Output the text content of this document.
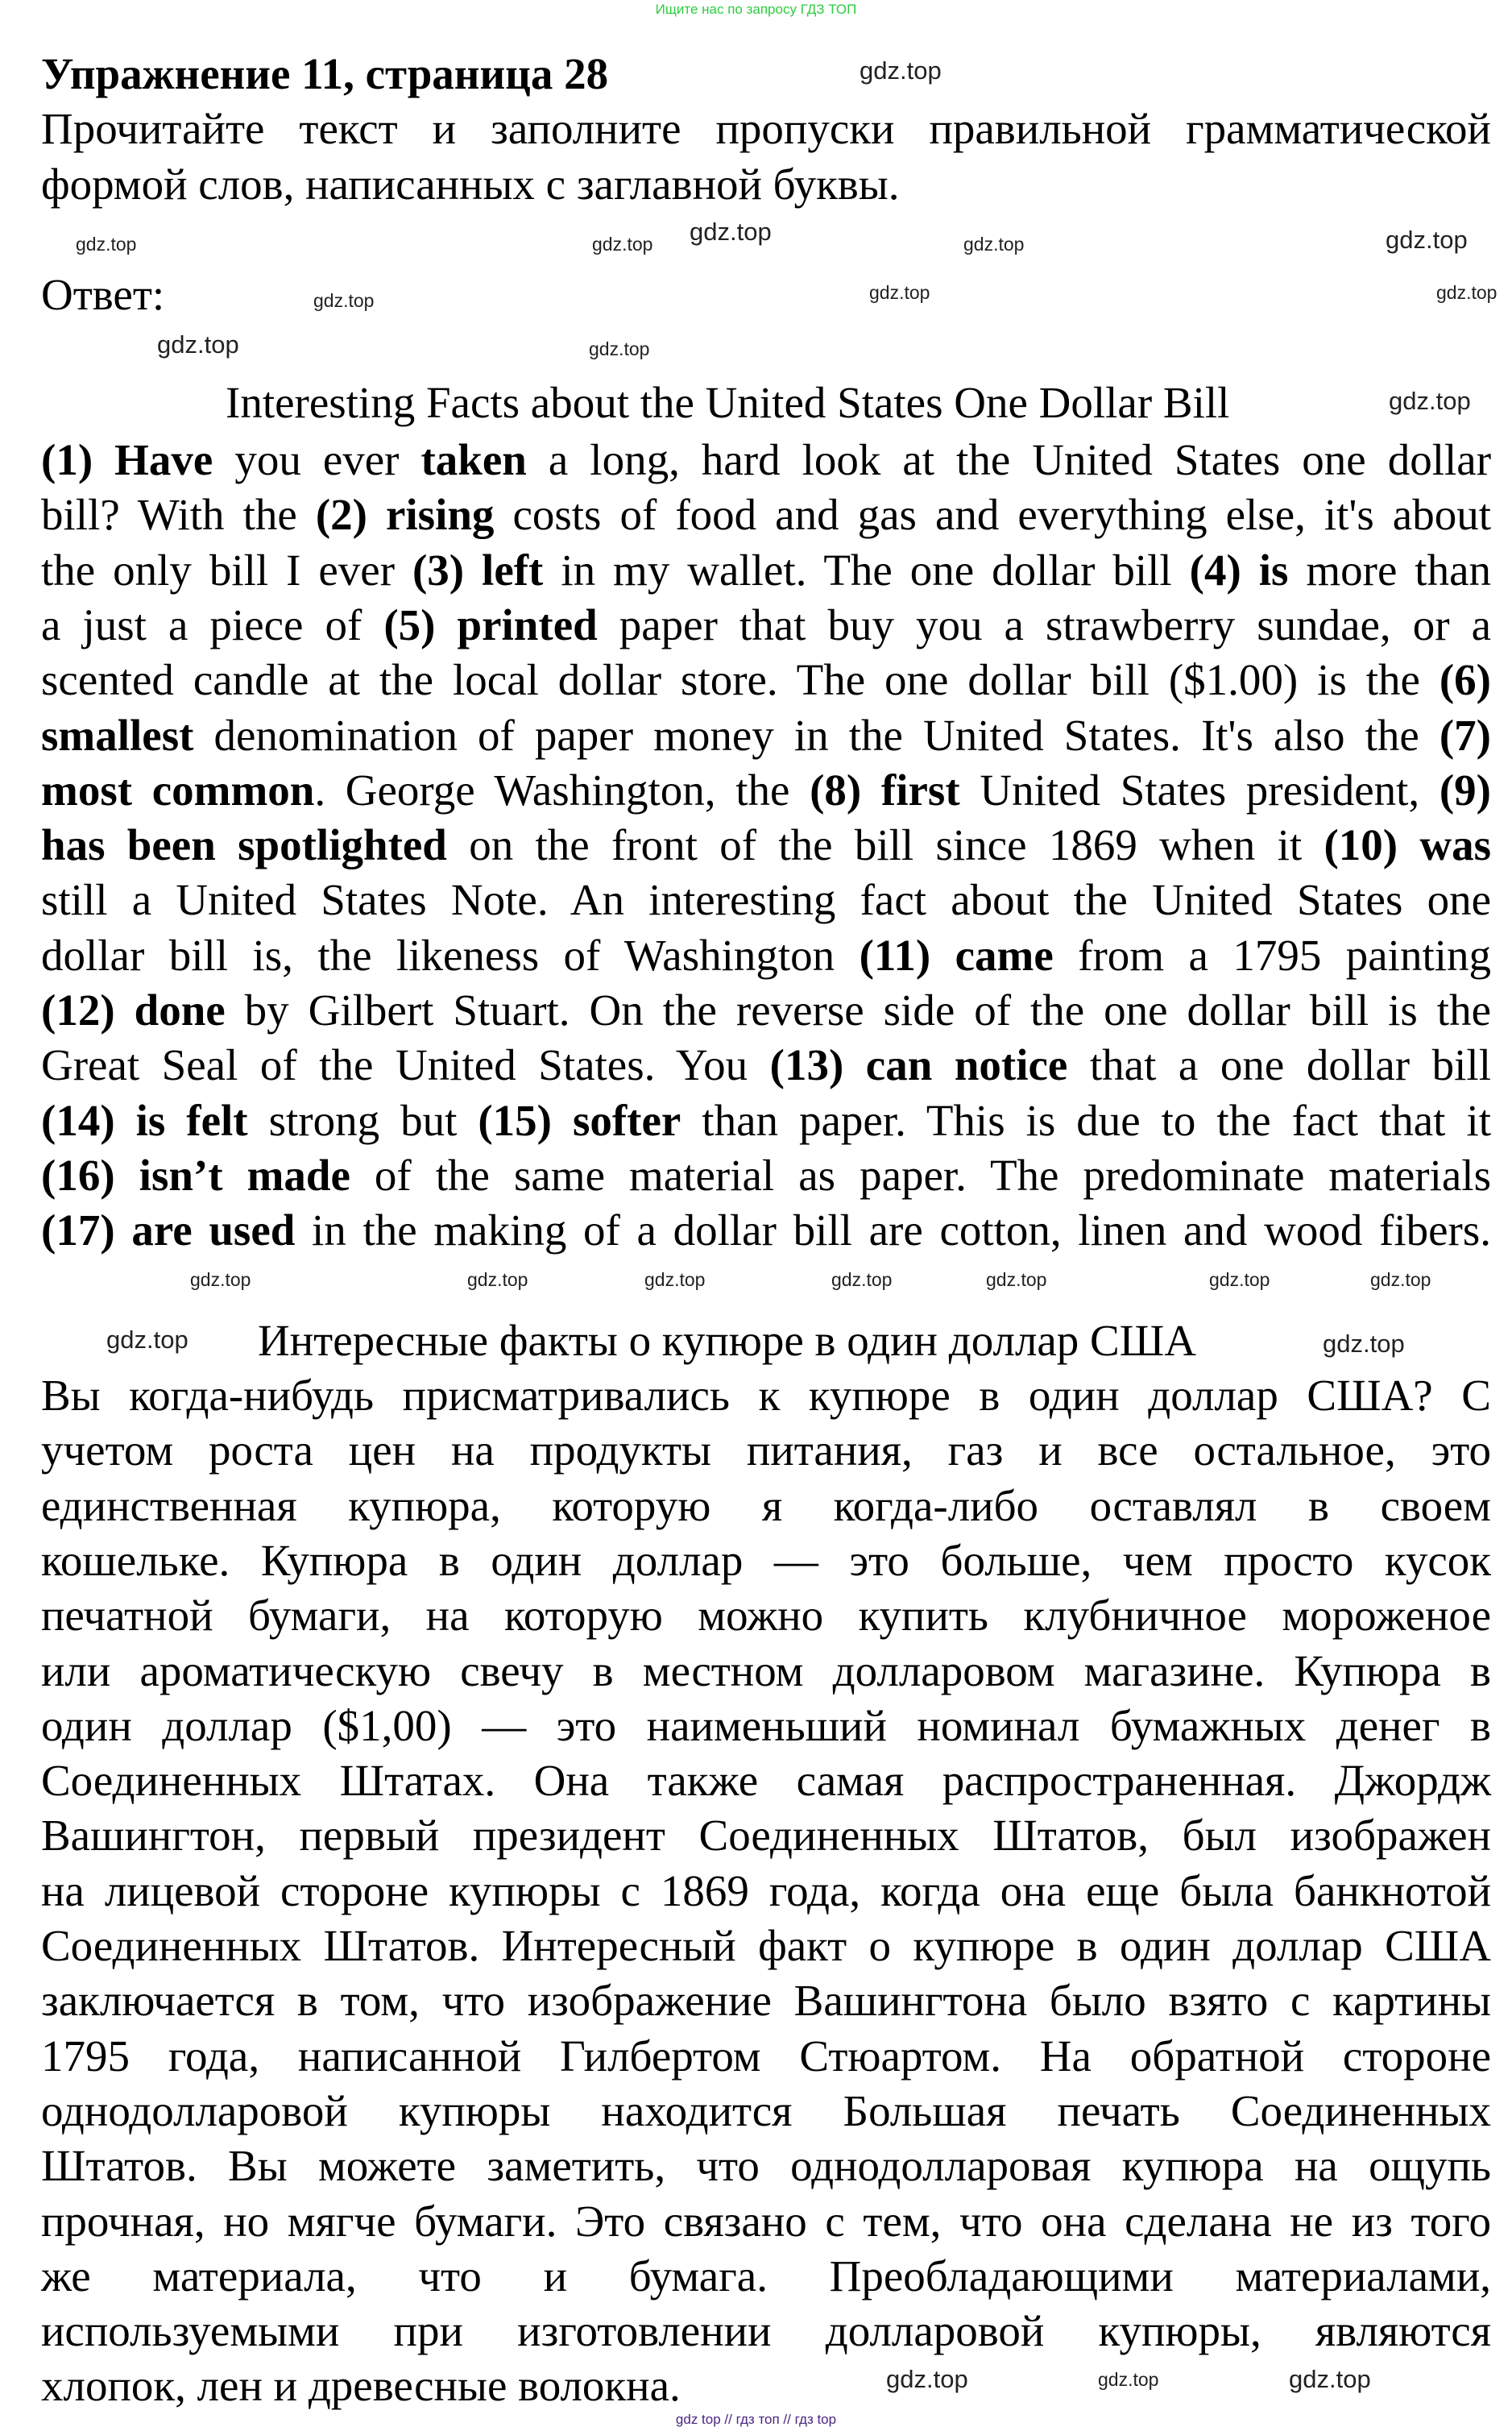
Ищите нас по запросу ГДЗ ТОП
Упражнение 11, страница 28
Прочитайте текст и заполните пропуски правильной грамматической
формой слов, написанных с заглавной буквы.
Ответ:
Interesting Facts about the United States One Dollar Bill
(1) Have you ever taken a long, hard look at the United States one dollar
bill? With the (2) rising costs of food and gas and everything else, it's about
the only bill I ever (3) left in my wallet. The one dollar bill (4) is more than
a just a piece of (5) printed paper that buy you a strawberry sundae, or a
scented candle at the local dollar store. The one dollar bill ($1.00) is the (6)
smallest denomination of paper money in the United States. It's also the (7)
most common. George Washington, the (8) first United States president, (9)
has been spotlighted on the front of the bill since 1869 when it (10) was
still a United States Note. An interesting fact about the United States one
dollar bill is, the likeness of Washington (11) came from a 1795 painting
(12) done by Gilbert Stuart. On the reverse side of the one dollar bill is the
Great Seal of the United States. You (13) can notice that a one dollar bill
(14) is felt strong but (15) softer than paper. This is due to the fact that it
(16) isn’t made of the same material as paper. The predominate materials
(17) are used in the making of a dollar bill are cotton, linen and wood fibers.
Интересные факты о купюре в один доллар США
Вы когда-нибудь присматривались к купюре в один доллар США? С
учетом роста цен на продукты питания, газ и все остальное, это
единственная купюра, которую я когда-либо оставлял в своем
кошельке. Купюра в один доллар — это больше, чем просто кусок
печатной бумаги, на которую можно купить клубничное мороженое
или ароматическую свечу в местном долларовом магазине. Купюра в
один доллар ($1,00) — это наименьший номинал бумажных денег в
Соединенных Штатах. Она также самая распространенная. Джордж
Вашингтон, первый президент Соединенных Штатов, был изображен
на лицевой стороне купюры с 1869 года, когда она еще была банкнотой
Соединенных Штатов. Интересный факт о купюре в один доллар США
заключается в том, что изображение Вашингтона было взято с картины
1795 года, написанной Гилбертом Стюартом. На обратной стороне
однодолларовой купюры находится Большая печать Соединенных
Штатов. Вы можете заметить, что однодолларовая купюра на ощупь
прочная, но мягче бумаги. Это связано с тем, что она сделана не из того
же материала, что и бумага. Преобладающими материалами,
используемыми при изготовлении долларовой купюры, являются
хлопок, лен и древесные волокна.
gdz.top
gdz.top	gdz.top
gdz.top
gdz.top
gdz.top
gdz.top
gdz.top	gdz.top	gdz.top	gdz.top
gdz.top
gdz.top
gdz.top	gdz.top
gdz.top
gdz.top
gdz.top
gdz.top
gdz.top
gdz.top
gdz.top
gdz.top	gdz.top
gdz top // гдз топ // гдз top
